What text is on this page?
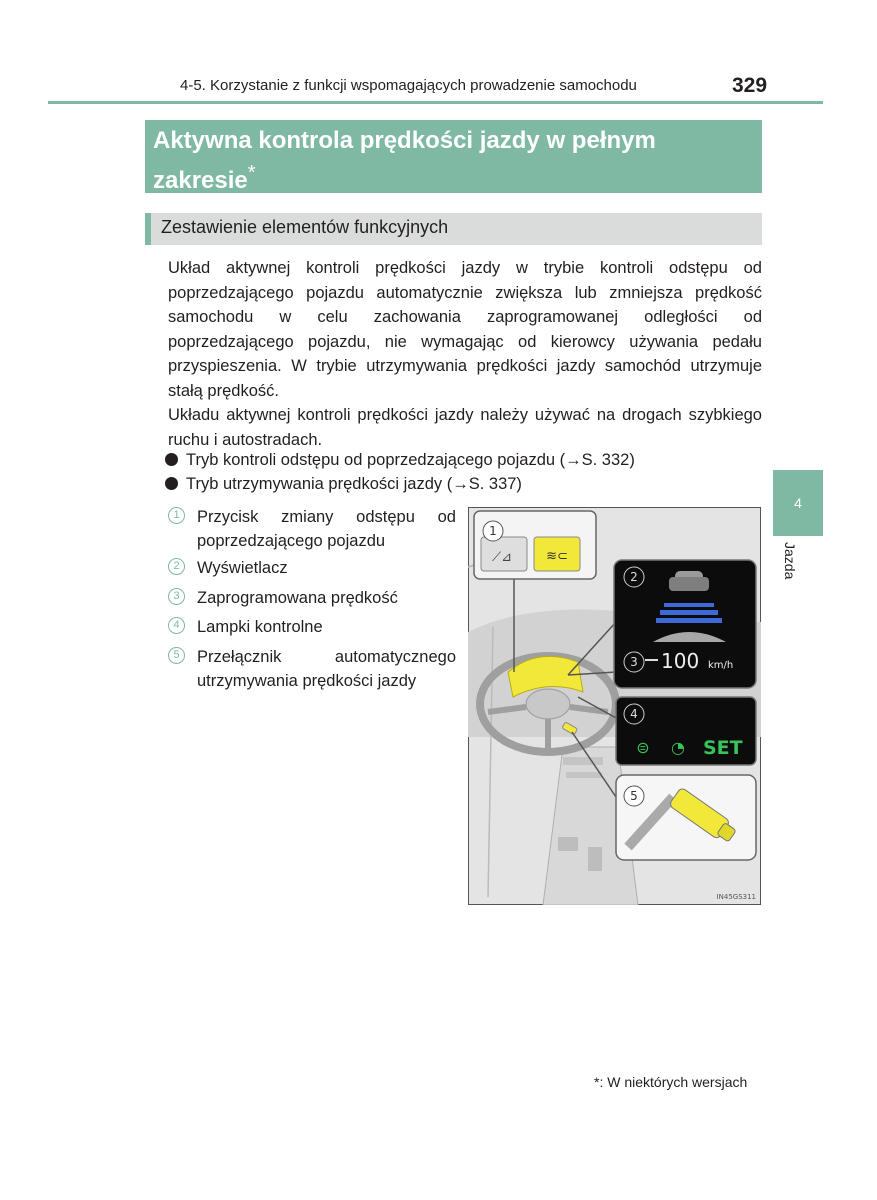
4-5. Korzystanie z funkcji wspomagających prowadzenie samochodu	329
Aktywna kontrola prędkości jazdy w pełnym
zakresie*
Zestawienie elementów funkcyjnych

Układ aktywnej kontroli prędkości jazdy w trybie kontroli odstępu od poprzedzającego pojazdu automatycznie zwiększa lub zmniejsza prędkość samochodu w celu zachowania zaprogramowanej odległości od poprzedzającego pojazdu, nie wymagając od kierowcy używania pedału przyspieszenia. W trybie utrzymywania prędkości jazdy samochód utrzymuje stałą prędkość.

Układu aktywnej kontroli prędkości jazdy należy używać na drogach szybkiego ruchu i autostradach.

Tryb kontroli odstępu od poprzedzającego pojazdu (→S. 332)
Tryb utrzymywania prędkości jazdy (→S. 337)
1	Przycisk zmiany odstępu od poprzedzającego pojazdu
2	Wyświetlacz
3	Zaprogramowana prędkość
4	Lampki kontrolne
5	Przełącznik automatycznego utrzymywania prędkości jazdy
⟋⊿	≋⊂
1
2
3 100 km/h
4
⊜ ◔ SET
5
IN45GS311
4
Jazda
*: W niektórych wersjach
